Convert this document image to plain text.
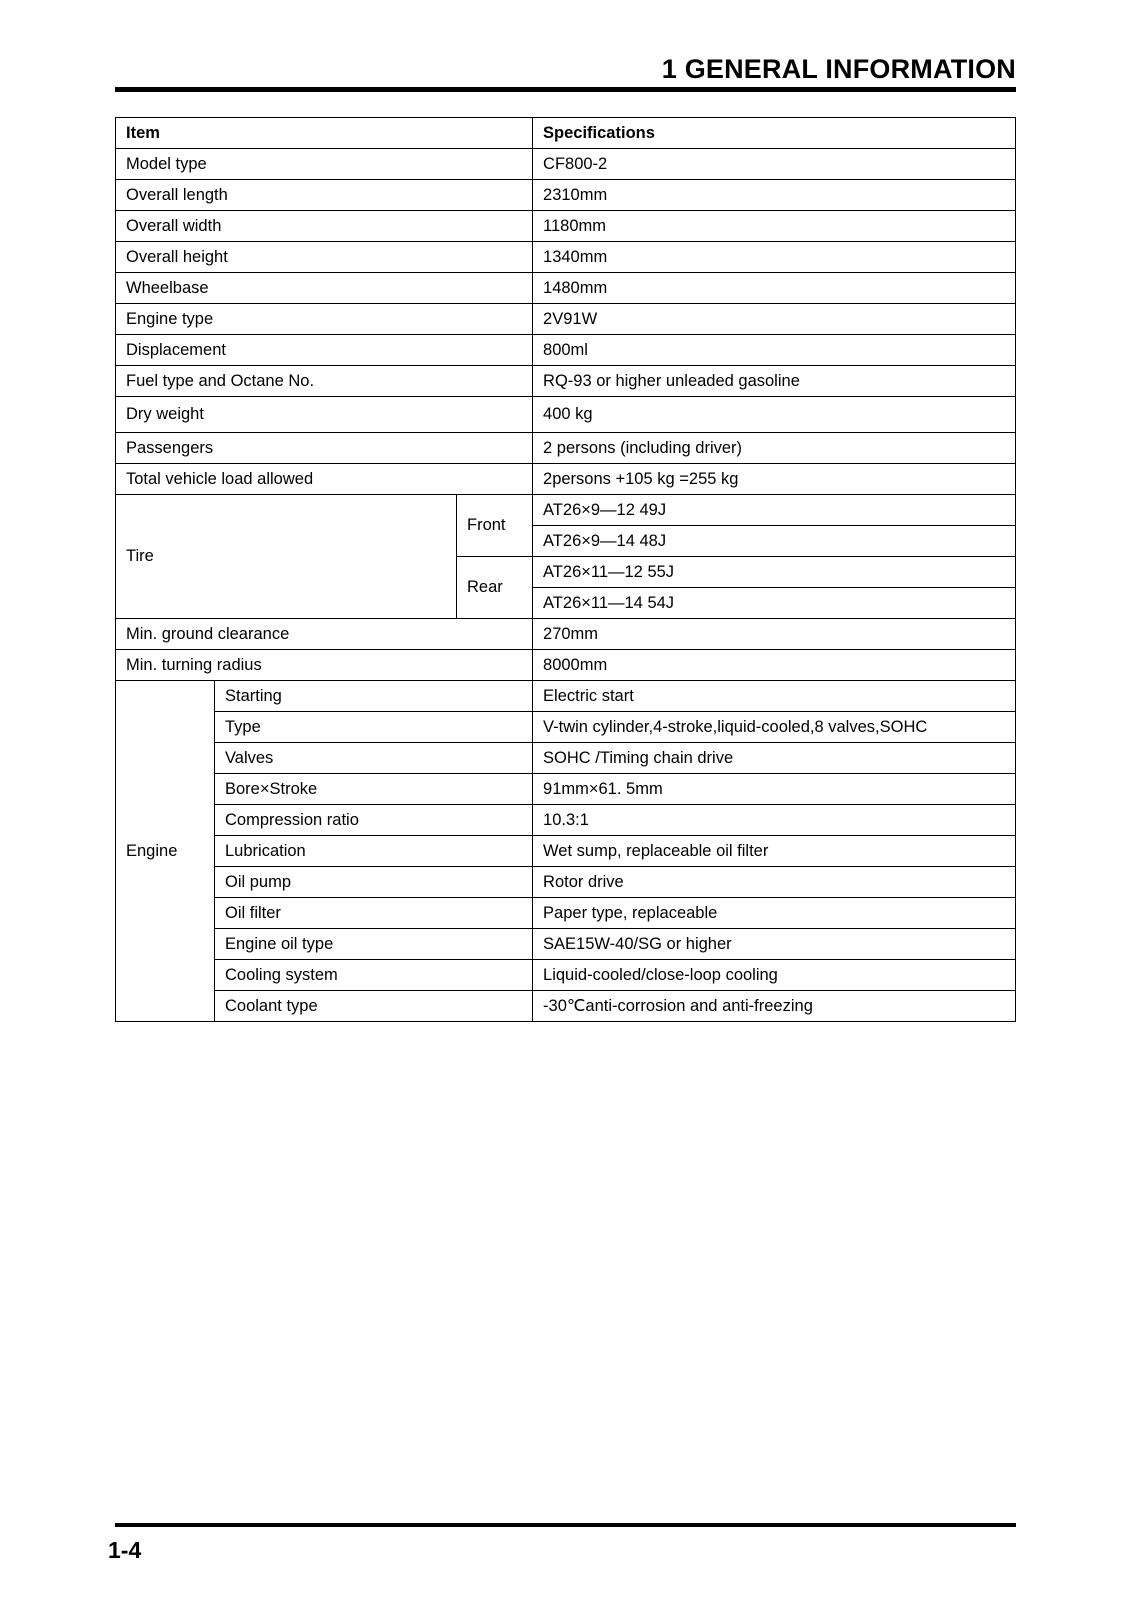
1 GENERAL INFORMATION
Item			Specifications
Model type			CF800-2
Overall length			2310mm
Overall width			1180mm
Overall height			1340mm
Wheelbase			1480mm
Engine type			2V91W
Displacement			800ml
Fuel type and Octane No.			RQ-93 or higher unleaded gasoline
Dry weight			400 kg
Passengers			2 persons (including driver)
Total vehicle load allowed			2persons +105 kg =255 kg
Tire		Front	AT26×9—12 49J
			AT26×9—14 48J
		Rear	AT26×11—12 55J
			AT26×11—14 54J
Min. ground clearance			270mm
Min. turning radius			8000mm
Engine	Starting		Electric start
	Type		V-twin cylinder,4-stroke,liquid-cooled,8 valves,SOHC
	Valves		SOHC /Timing chain drive
	Bore×Stroke		91mm×61. 5mm
	Compression ratio		10.3:1
	Lubrication		Wet sump, replaceable oil filter
	Oil pump		Rotor drive
	Oil filter		Paper type, replaceable
	Engine oil type		SAE15W-40/SG or higher
	Cooling system		Liquid-cooled/close-loop cooling
	Coolant type		-30℃anti-corrosion and anti-freezing
1-4
